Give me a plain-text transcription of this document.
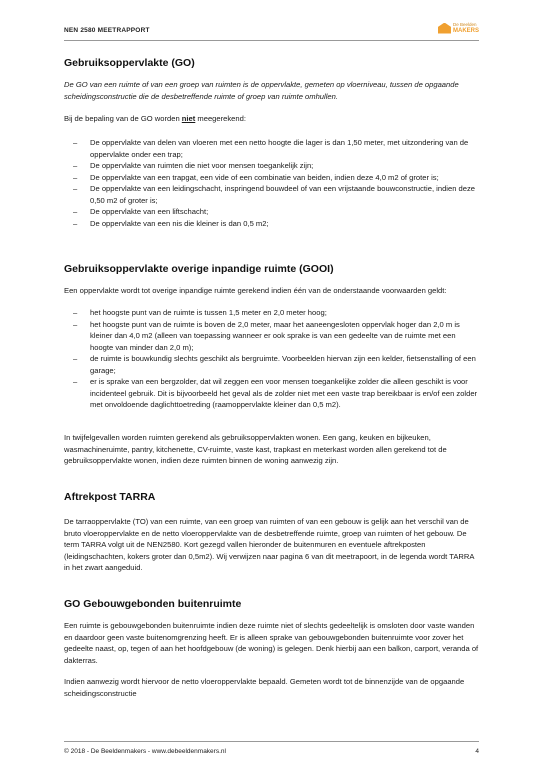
NEN 2580 MEETRAPPORT
De Beelden
MAKERS
Gebruiksoppervlakte (GO)

De GO van een ruimte of van een groep van ruimten is de oppervlakte, gemeten op vloerniveau, tussen de opgaande scheidingsconstructie die de desbetreffende ruimte of groep van ruimte omhullen.

Bij de bepaling van de GO worden niet meegerekend:

– De oppervlakte van delen van vloeren met een netto hoogte die lager is dan 1,50 meter, met uitzondering van de oppervlakte onder een trap;
– De oppervlakte van ruimten die niet voor mensen toegankelijk zijn;
– De oppervlakte van een trapgat, een vide of een combinatie van beiden, indien deze 4,0 m2 of groter is;
– De oppervlakte van een leidingschacht, inspringend bouwdeel of van een vrijstaande bouwconstructie, indien deze 0,50 m2 of groter is;
– De oppervlakte van een liftschacht;
– De oppervlakte van een nis die kleiner is dan 0,5 m2;
Gebruiksoppervlakte overige inpandige ruimte (GOOI)

Een oppervlakte wordt tot overige inpandige ruimte gerekend indien één van de onderstaande voorwaarden geldt:

– het hoogste punt van de ruimte is tussen 1,5 meter en 2,0 meter hoog;
– het hoogste punt van de ruimte is boven de 2,0 meter, maar het aaneengesloten oppervlak hoger dan 2,0 m is kleiner dan 4,0 m2 (alleen van toepassing wanneer er ook sprake is van een gedeelte van de ruimte met een hoogte van minder dan 2,0 m);
– de ruimte is bouwkundig slechts geschikt als bergruimte. Voorbeelden hiervan zijn een kelder, fietsenstalling of een garage;
– er is sprake van een bergzolder, dat wil zeggen een voor mensen toegankelijke zolder die alleen geschikt is voor incidenteel gebruik. Dit is bijvoorbeeld het geval als de zolder niet met een vaste trap bereikbaar is en/of een zolder met onvoldoende daglichttoetreding (raamoppervlakte kleiner dan 0,5 m2).

In twijfelgevallen worden ruimten gerekend als gebruiksoppervlakten wonen. Een gang, keuken en bijkeuken, wasmachineruimte, pantry, kitchenette, CV-ruimte, vaste kast, trapkast en meterkast worden allen gerekend tot de gebruiksoppervlakte wonen, indien deze ruimten binnen de woning aanwezig zijn.

Aftrekpost TARRA

De tarraoppervlakte (TO) van een ruimte, van een groep van ruimten of van een gebouw is gelijk aan het verschil van de bruto vloeroppervlakte en de netto vloeroppervlakte van de desbetreffende ruimte, groep van ruimten of het gebouw. De term TARRA volgt uit de NEN2580. Kort gezegd vallen hieronder de buitenmuren en eventuele aftrekposten (leidingschachten, kokers groter dan 0,5m2). Wij verwijzen naar pagina 6 van dit meetrapoort, in de legenda wordt TARRA in het zwart aangeduid.

GO Gebouwgebonden buitenruimte

Een ruimte is gebouwgebonden buitenruimte indien deze ruimte niet of slechts gedeeltelijk is omsloten door vaste wanden en daardoor geen vaste buitenomgrenzing heeft. Er is alleen sprake van gebouwgebonden buitenruimte voor zover het gedeelte naast, op, tegen of aan het hoofdgebouw (de woning) is gelegen. Denk hierbij aan een balkon, carport, veranda of dakterras.

Indien aanwezig wordt hiervoor de netto vloeroppervlakte bepaald. Gemeten wordt tot de binnenzijde van de opgaande scheidingsconstructie

© 2018 - De Beeldenmakers - www.debeeldenmakers.nl	4
